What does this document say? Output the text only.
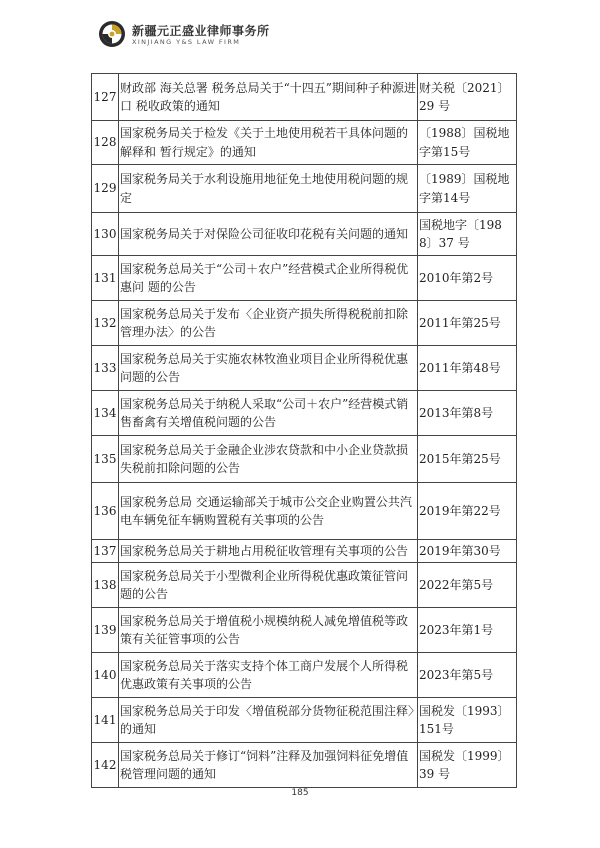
新疆元正盛业律师事务所
XINJIANG Y&S LAW FIRM
127	财政部 海关总署 税务总局关于“十四五”期间种子种源进口 税收政策的通知	财关税〔2021〕29 号
128	国家税务局关于检发《关于土地使用税若干具体问题的解释和 暂行规定》的通知	〔1988〕国税地字第15号
129	国家税务局关于水利设施用地征免土地使用税问题的规定	〔1989〕国税地字第14号
130	国家税务局关于对保险公司征收印花税有关问题的通知	国税地字〔1988〕37 号
131	国家税务总局关于“公司＋农户”经营模式企业所得税优惠问 题的公告	2010年第2号
132	国家税务总局关于发布〈企业资产损失所得税税前扣除管理办法〉的公告	2011年第25号
133	国家税务总局关于实施农林牧渔业项目企业所得税优惠问题的公告	2011年第48号
134	国家税务总局关于纳税人采取“公司＋农户”经营模式销售畜禽有关增值税问题的公告	2013年第8号
135	国家税务总局关于金融企业涉农贷款和中小企业贷款损失税前扣除问题的公告	2015年第25号
136	国家税务总局 交通运输部关于城市公交企业购置公共汽电车辆免征车辆购置税有关事项的公告	2019年第22号
137	国家税务总局关于耕地占用税征收管理有关事项的公告	2019年第30号
138	国家税务总局关于小型微利企业所得税优惠政策征管问题的公告	2022年第5号
139	国家税务总局关于增值税小规模纳税人减免增值税等政策有关征管事项的公告	2023年第1号
140	国家税务总局关于落实支持个体工商户发展个人所得税优惠政策有关事项的公告	2023年第5号
141	国家税务总局关于印发〈增值税部分货物征税范围注释〉的通知	国税发〔1993〕151号
142	国家税务总局关于修订“饲料”注释及加强饲料征免增值税管理问题的通知	国税发〔1999〕39 号
185
